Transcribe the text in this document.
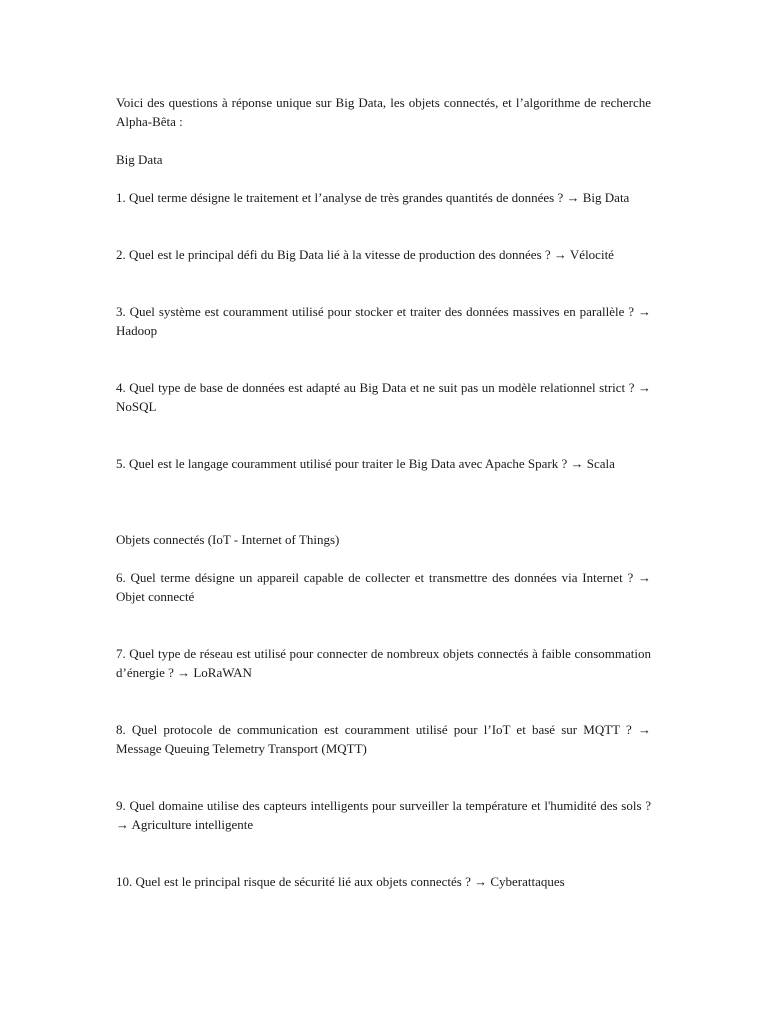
Voici des questions à réponse unique sur Big Data, les objets connectés, et l’algorithme de recherche Alpha-Bêta :

Big Data

1. Quel terme désigne le traitement et l’analyse de très grandes quantités de données ? → Big Data

2. Quel est le principal défi du Big Data lié à la vitesse de production des données ? → Vélocité

3. Quel système est couramment utilisé pour stocker et traiter des données massives en parallèle ? → Hadoop

4. Quel type de base de données est adapté au Big Data et ne suit pas un modèle relationnel strict ? → NoSQL

5. Quel est le langage couramment utilisé pour traiter le Big Data avec Apache Spark ? → Scala

Objets connectés (IoT - Internet of Things)

6. Quel terme désigne un appareil capable de collecter et transmettre des données via Internet ? → Objet connecté

7. Quel type de réseau est utilisé pour connecter de nombreux objets connectés à faible consommation d’énergie ? → LoRaWAN

8. Quel protocole de communication est couramment utilisé pour l’IoT et basé sur MQTT ? → Message Queuing Telemetry Transport (MQTT)

9. Quel domaine utilise des capteurs intelligents pour surveiller la température et l'humidité des sols ? → Agriculture intelligente

10. Quel est le principal risque de sécurité lié aux objets connectés ? → Cyberattaques
